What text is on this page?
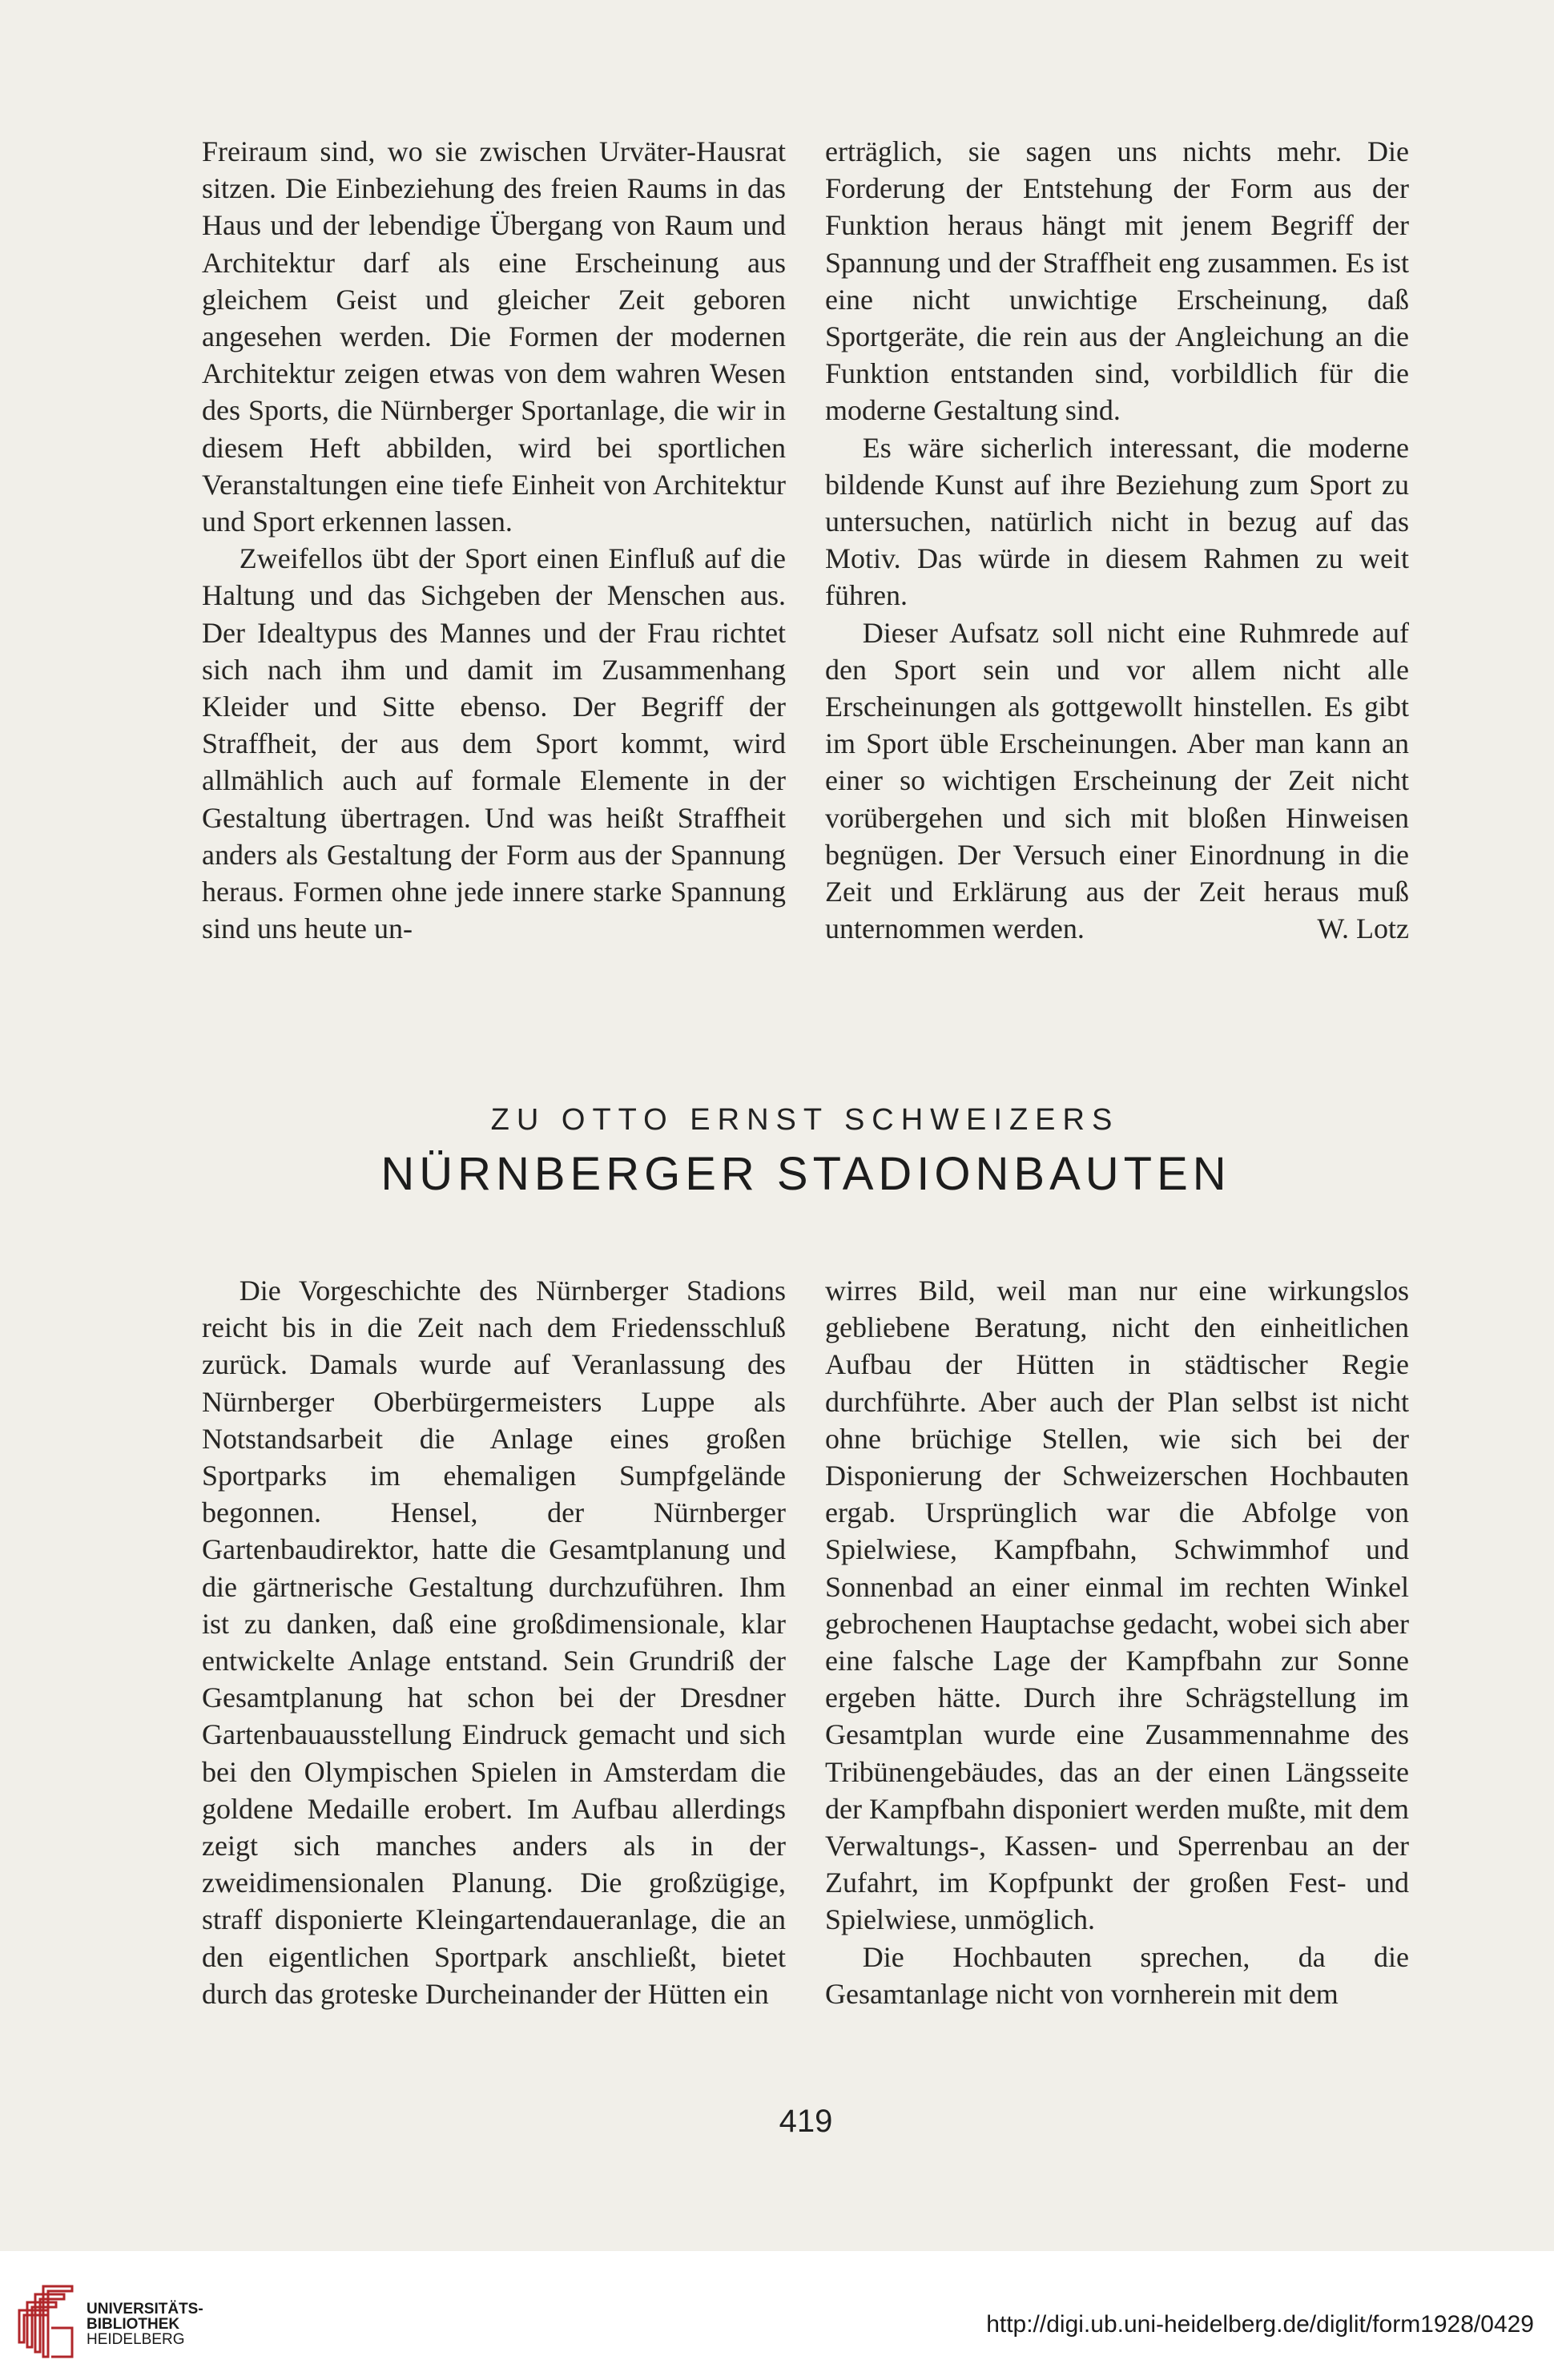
Freiraum sind, wo sie zwischen Urväter-Hausrat sitzen. Die Einbeziehung des freien Raums in das Haus und der lebendige Übergang von Raum und Architektur darf als eine Erscheinung aus gleichem Geist und gleicher Zeit geboren angesehen werden. Die Formen der modernen Architektur zeigen etwas von dem wahren Wesen des Sports, die Nürnberger Sportanlage, die wir in diesem Heft abbilden, wird bei sportlichen Veranstaltungen eine tiefe Einheit von Architektur und Sport erkennen lassen.

Zweifellos übt der Sport einen Einfluß auf die Haltung und das Sichgeben der Menschen aus. Der Idealtypus des Mannes und der Frau richtet sich nach ihm und damit im Zusammenhang Kleider und Sitte ebenso. Der Begriff der Straffheit, der aus dem Sport kommt, wird allmählich auch auf formale Elemente in der Gestaltung übertragen. Und was heißt Straffheit anders als Gestaltung der Form aus der Spannung heraus. Formen ohne jede innere starke Spannung sind uns heute un-

erträglich, sie sagen uns nichts mehr. Die Forderung der Entstehung der Form aus der Funktion heraus hängt mit jenem Begriff der Spannung und der Straffheit eng zusammen. Es ist eine nicht unwichtige Erscheinung, daß Sportgeräte, die rein aus der Angleichung an die Funktion entstanden sind, vorbildlich für die moderne Gestaltung sind.

Es wäre sicherlich interessant, die moderne bildende Kunst auf ihre Beziehung zum Sport zu untersuchen, natürlich nicht in bezug auf das Motiv. Das würde in diesem Rahmen zu weit führen.

Dieser Aufsatz soll nicht eine Ruhmrede auf den Sport sein und vor allem nicht alle Erscheinungen als gottgewollt hinstellen. Es gibt im Sport üble Erscheinungen. Aber man kann an einer so wichtigen Erscheinung der Zeit nicht vorübergehen und sich mit bloßen Hinweisen begnügen. Der Versuch einer Einordnung in die Zeit und Erklärung aus der Zeit heraus muß unternommen werden.	W. Lotz
ZU OTTO ERNST SCHWEIZERS
NÜRNBERGER STADIONBAUTEN

Die Vorgeschichte des Nürnberger Stadions reicht bis in die Zeit nach dem Friedensschluß zurück. Damals wurde auf Veranlassung des Nürnberger Oberbürgermeisters Luppe als Notstandsarbeit die Anlage eines großen Sportparks im ehemaligen Sumpfgelände begonnen. Hensel, der Nürnberger Gartenbaudirektor, hatte die Gesamtplanung und die gärtnerische Gestaltung durchzuführen. Ihm ist zu danken, daß eine großdimensionale, klar entwickelte Anlage entstand. Sein Grundriß der Gesamtplanung hat schon bei der Dresdner Gartenbauausstellung Eindruck gemacht und sich bei den Olympischen Spielen in Amsterdam die goldene Medaille erobert. Im Aufbau allerdings zeigt sich manches anders als in der zweidimensionalen Planung. Die großzügige, straff disponierte Kleingartendaueranlage, die an den eigentlichen Sportpark anschließt, bietet durch das groteske Durcheinander der Hütten ein

wirres Bild, weil man nur eine wirkungslos gebliebene Beratung, nicht den einheitlichen Aufbau der Hütten in städtischer Regie durchführte. Aber auch der Plan selbst ist nicht ohne brüchige Stellen, wie sich bei der Disponierung der Schweizerschen Hochbauten ergab. Ursprünglich war die Abfolge von Spielwiese, Kampfbahn, Schwimmhof und Sonnenbad an einer einmal im rechten Winkel gebrochenen Hauptachse gedacht, wobei sich aber eine falsche Lage der Kampfbahn zur Sonne ergeben hätte. Durch ihre Schrägstellung im Gesamtplan wurde eine Zusammennahme des Tribünengebäudes, das an der einen Längsseite der Kampfbahn disponiert werden mußte, mit dem Verwaltungs-, Kassen- und Sperrenbau an der Zufahrt, im Kopfpunkt der großen Fest- und Spielwiese, unmöglich.

Die Hochbauten sprechen, da die Gesamtanlage nicht von vornherein mit dem

419
UNIVERSITÄTS-
BIBLIOTHEK
HEIDELBERG
http://digi.ub.uni-heidelberg.de/diglit/form1928/0429
